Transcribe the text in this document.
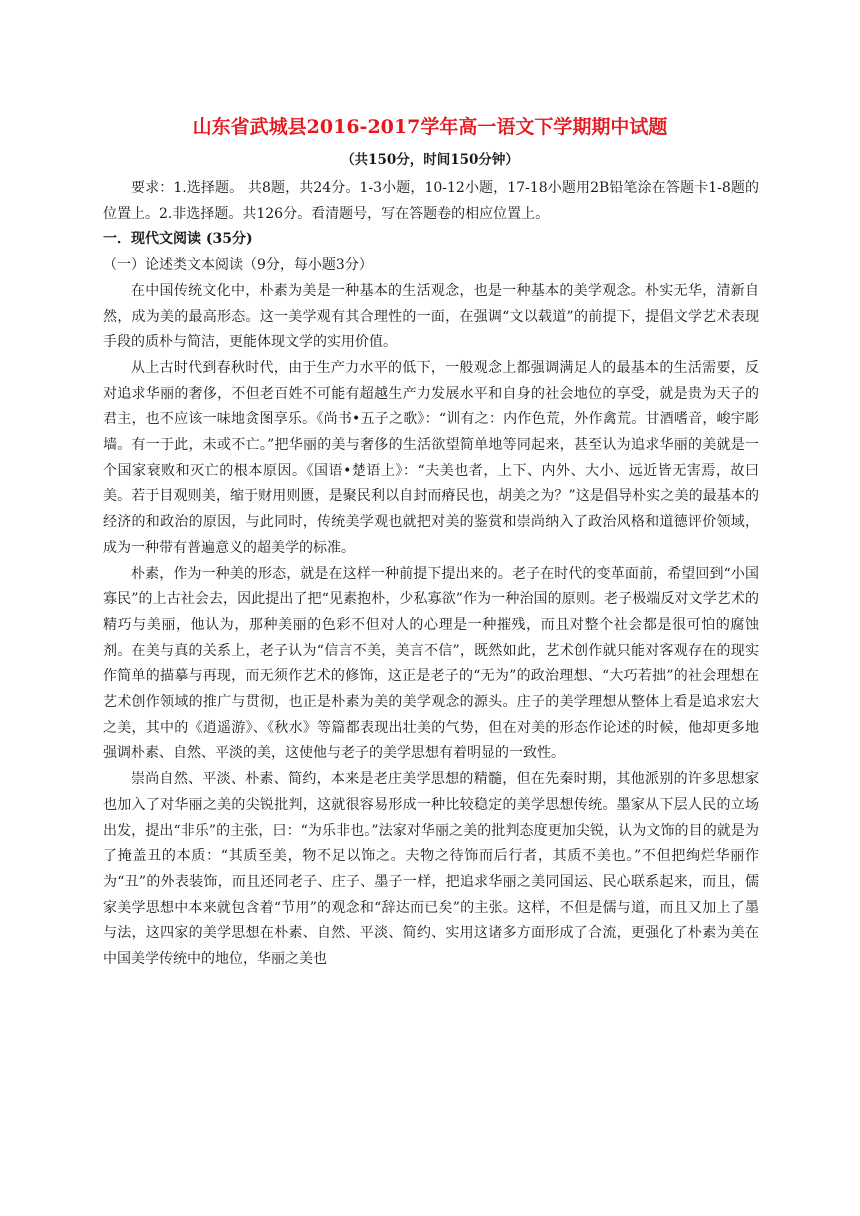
山东省武城县2016-2017学年高一语文下学期期中试题
（共150分，时间150分钟）

要求：1.选择题。 共8题，共24分。1-3小题，10-12小题，17-18小题用2B铅笔涂在答题卡1-8题的位置上。2.非选择题。共126分。看清题号，写在答题卷的相应位置上。

一．现代文阅读 (35分)

（一）论述类文本阅读（9分，每小题3分）

在中国传统文化中，朴素为美是一种基本的生活观念，也是一种基本的美学观念。朴实无华，清新自然，成为美的最高形态。这一美学观有其合理性的一面，在强调“文以载道”的前提下，提倡文学艺术表现手段的质朴与简洁，更能体现文学的实用价值。

从上古时代到春秋时代，由于生产力水平的低下，一般观念上都强调满足人的最基本的生活需要，反对追求华丽的奢侈，不但老百姓不可能有超越生产力发展水平和自身的社会地位的享受，就是贵为天子的君主，也不应该一味地贪图享乐。《尚书•五子之歌》：“训有之：内作色荒，外作禽荒。甘酒嗜音，峻宇彫墙。有一于此，未或不亡。”把华丽的美与奢侈的生活欲望简单地等同起来，甚至认为追求华丽的美就是一个国家衰败和灭亡的根本原因。《国语•楚语上》：“夫美也者，上下、内外、大小、远近皆无害焉，故曰美。若于目观则美，缩于财用则匮，是聚民利以自封而瘠民也，胡美之为？”这是倡导朴实之美的最基本的经济的和政治的原因，与此同时，传统美学观也就把对美的鉴赏和崇尚纳入了政治风格和道德评价领域，成为一种带有普遍意义的超美学的标准。

朴素，作为一种美的形态，就是在这样一种前提下提出来的。老子在时代的变革面前，希望回到“小国寡民”的上古社会去，因此提出了把“见素抱朴，少私寡欲”作为一种治国的原则。老子极端反对文学艺术的精巧与美丽，他认为，那种美丽的色彩不但对人的心理是一种摧残，而且对整个社会都是很可怕的腐蚀剂。在美与真的关系上，老子认为“信言不美，美言不信”，既然如此，艺术创作就只能对客观存在的现实作简单的描摹与再现，而无须作艺术的修饰，这正是老子的“无为”的政治理想、“大巧若拙”的社会理想在艺术创作领域的推广与贯彻，也正是朴素为美的美学观念的源头。庄子的美学理想从整体上看是追求宏大之美，其中的《逍遥游》、《秋水》等篇都表现出壮美的气势，但在对美的形态作论述的时候，他却更多地强调朴素、自然、平淡的美，这使他与老子的美学思想有着明显的一致性。

崇尚自然、平淡、朴素、简约，本来是老庄美学思想的精髓，但在先秦时期，其他派别的许多思想家也加入了对华丽之美的尖锐批判，这就很容易形成一种比较稳定的美学思想传统。墨家从下层人民的立场出发，提出“非乐”的主张，曰：“为乐非也。”法家对华丽之美的批判态度更加尖锐，认为文饰的目的就是为了掩盖丑的本质：“其质至美，物不足以饰之。夫物之待饰而后行者，其质不美也。”不但把绚烂华丽作为“丑”的外表装饰，而且还同老子、庄子、墨子一样，把追求华丽之美同国运、民心联系起来，而且，儒家美学思想中本来就包含着“节用”的观念和“辞达而已矣”的主张。这样，不但是儒与道，而且又加上了墨与法，这四家的美学思想在朴素、自然、平淡、简约、实用这诸多方面形成了合流，更强化了朴素为美在中国美学传统中的地位，华丽之美也
